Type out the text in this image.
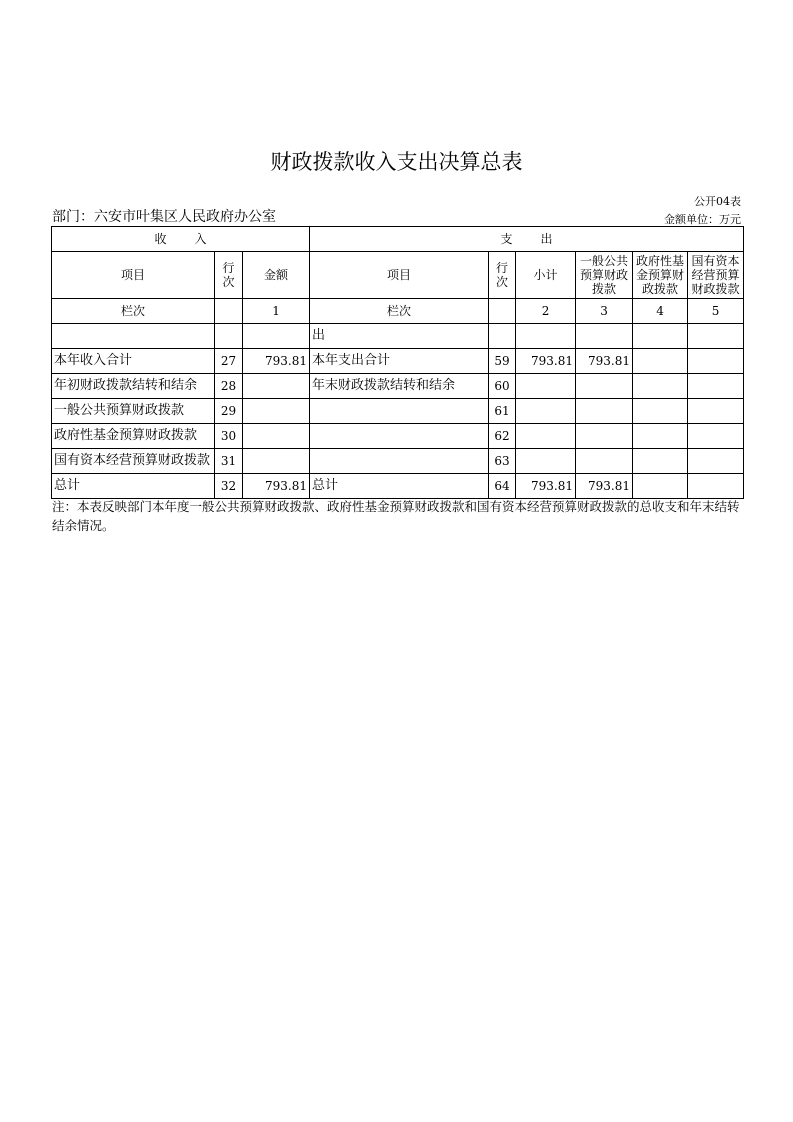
财政拨款收入支出决算总表
公开04表
部门：六安市叶集区人民政府办公室	金额单位：万元
收 入			支 出					
项目	行次	金额	项目	行次	小计	一般公共预算财政拨款	政府性基金预算财政拨款	国有资本经营预算财政拨款
栏次		1	栏次		2	3	4	5
			出					
本年收入合计	27	793.81	本年支出合计	59	793.81	793.81		
年初财政拨款结转和结余	28		年末财政拨款结转和结余	60				
一般公共预算财政拨款	29			61				
政府性基金预算财政拨款	30			62				
国有资本经营预算财政拨款	31			63				
总计	32	793.81	总计	64	793.81	793.81		
注：本表反映部门本年度一般公共预算财政拨款、政府性基金预算财政拨款和国有资本经营预算财政拨款的总收支和年末结转结余情况。
